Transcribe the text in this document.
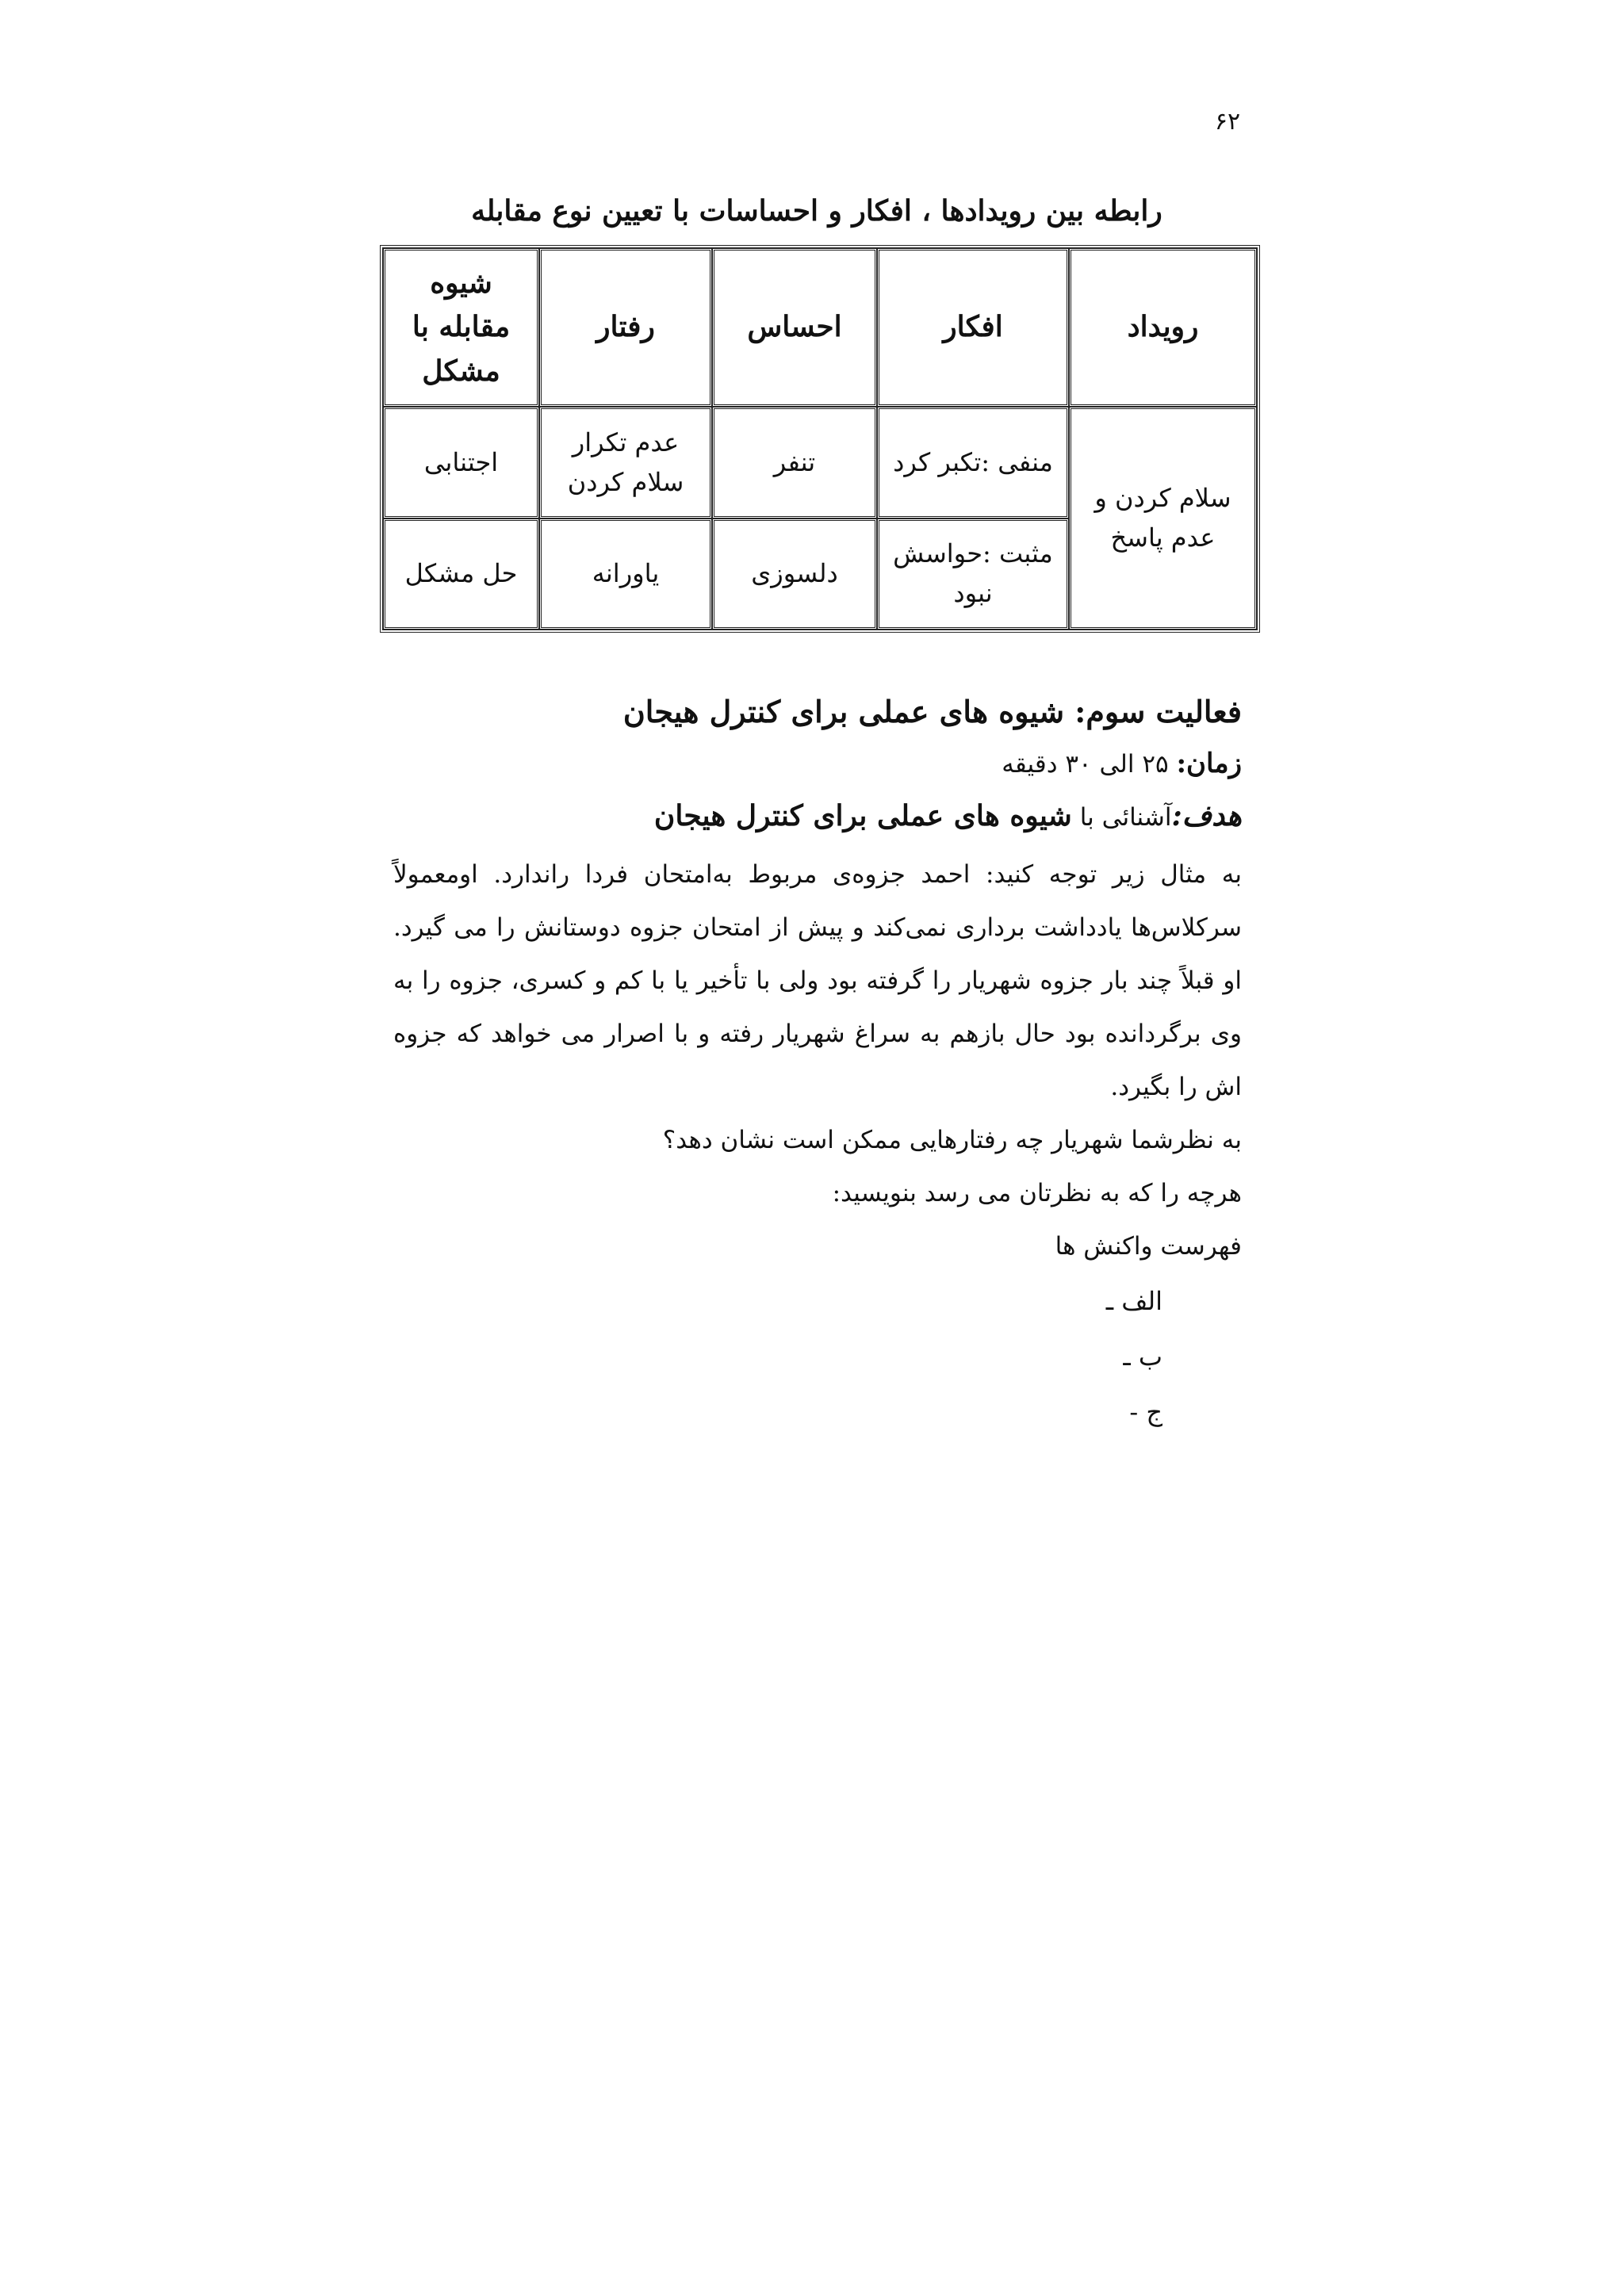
۶۲
رابطه بین رویدادها ، افکار و احساسات با تعیین نوع مقابله
رویداد	افکار	احساس	رفتار	شیوه مقابله با مشکل
سلام کردن و عدم پاسخ	منفی :تکبر کرد	تنفر	عدم تکرار سلام کردن	اجتنابی
	مثبت :حواسش نبود	دلسوزی	یاورانه	حل مشکل

فعالیت سوم: شیوه های عملی برای کنترل هیجان

زمان: ۲۵ الی ۳۰ دقیقه

هدف:آشنائی با شیوه های عملی برای کنترل هیجان

به مثال زیر توجه کنید: احمد جزوه‌ی مربوط به‌امتحان فردا راندارد. اومعمولاً سرکلاس‌ها یادداشت برداری نمی‌کند و پیش از امتحان جزوه دوستانش را می گیرد. او قبلاً چند بار جزوه شهریار را گرفته بود ولی با تأخیر یا با کم و کسری، جزوه را به وی برگردانده بود حال بازهم به سراغ شهریار رفته و با اصرار می خواهد که جزوه اش را بگیرد.

به نظرشما شهریار چه رفتارهایی ممکن است نشان دهد؟

هرچه را که به نظرتان می رسد بنویسید:

فهرست واکنش ها

الف ـ
ب ـ
ج -
